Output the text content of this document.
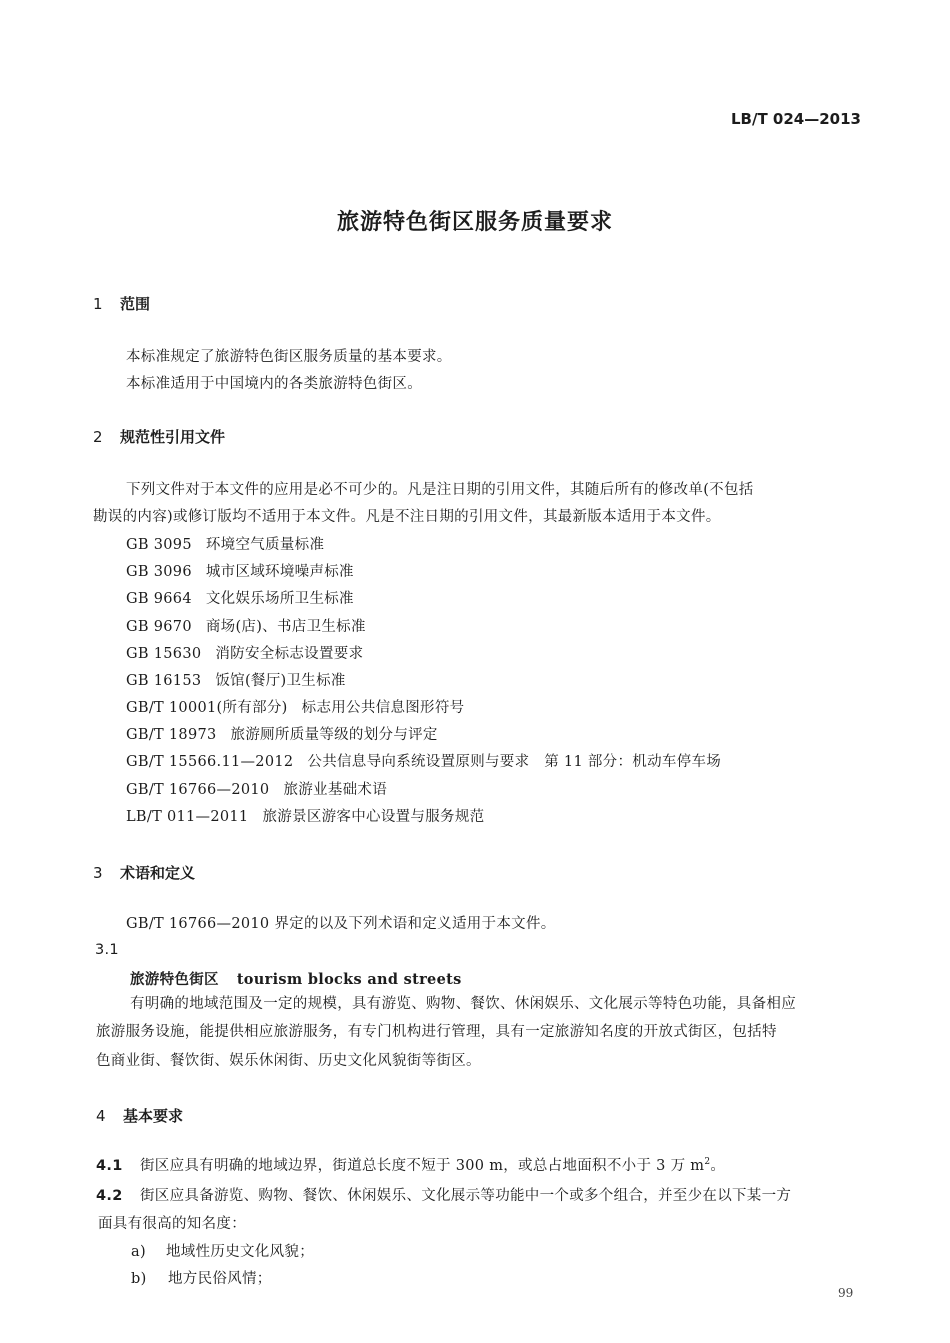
LB/T 024—2013
旅游特色街区服务质量要求
1 范围
本标准规定了旅游特色街区服务质量的基本要求。
本标准适用于中国境内的各类旅游特色街区。
2 规范性引用文件
下列文件对于本文件的应用是必不可少的。凡是注日期的引用文件，其随后所有的修改单(不包括
勘误的内容)或修订版均不适用于本文件。凡是不注日期的引用文件，其最新版本适用于本文件。
GB 3095 环境空气质量标准
GB 3096 城市区域环境噪声标准
GB 9664 文化娱乐场所卫生标准
GB 9670 商场(店)、书店卫生标准
GB 15630 消防安全标志设置要求
GB 16153 饭馆(餐厅)卫生标准
GB/T 10001(所有部分) 标志用公共信息图形符号
GB/T 18973 旅游厕所质量等级的划分与评定
GB/T 15566.11—2012 公共信息导向系统设置原则与要求　第 11 部分：机动车停车场
GB/T 16766—2010 旅游业基础术语
LB/T 011—2011 旅游景区游客中心设置与服务规范
3 术语和定义
GB/T 16766—2010 界定的以及下列术语和定义适用于本文件。
3.1
旅游特色街区 tourism blocks and streets
有明确的地域范围及一定的规模，具有游览、购物、餐饮、休闲娱乐、文化展示等特色功能，具备相应
旅游服务设施，能提供相应旅游服务，有专门机构进行管理，具有一定旅游知名度的开放式街区，包括特
色商业街、餐饮街、娱乐休闲街、历史文化风貌街等街区。
4 基本要求
4.1 街区应具有明确的地域边界，街道总长度不短于 300 m，或总占地面积不小于 3 万 $m^2$。
4.2 街区应具备游览、购物、餐饮、休闲娱乐、文化展示等功能中一个或多个组合，并至少在以下某一方
面具有很高的知名度：
a) 地域性历史文化风貌；
b) 地方民俗风情；
99
